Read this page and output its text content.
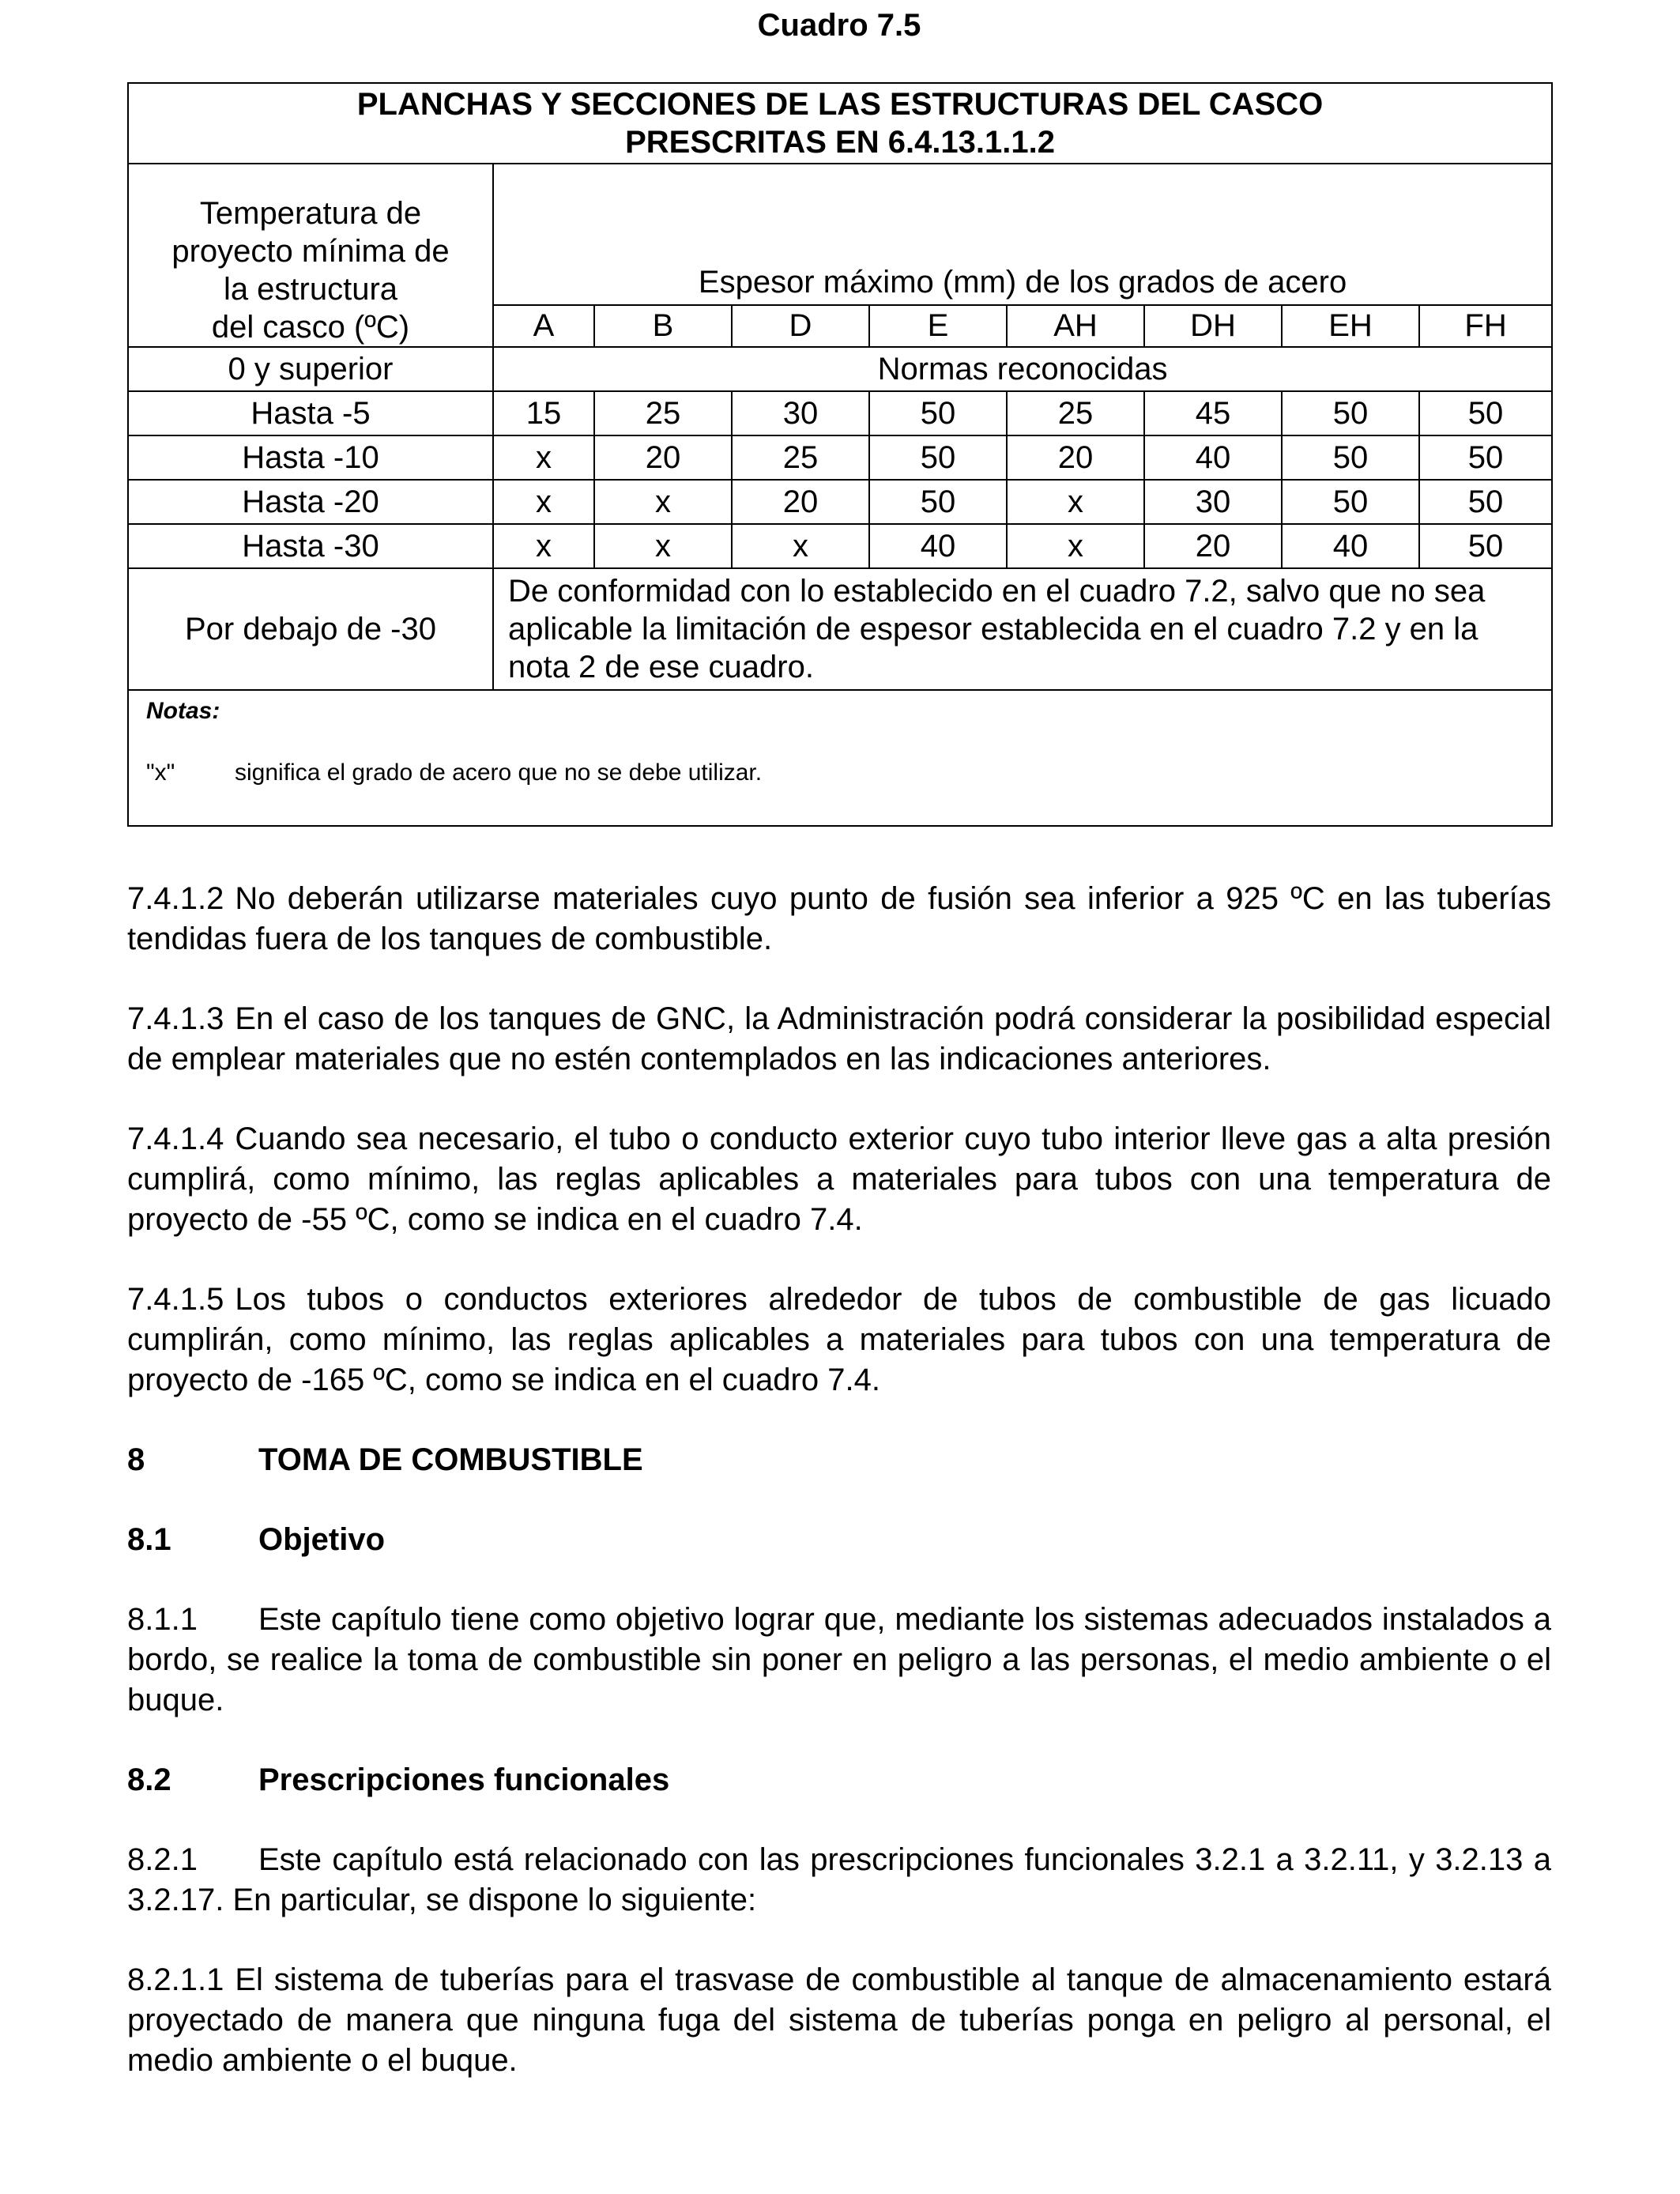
Cuadro 7.5
PLANCHAS Y SECCIONES DE LAS ESTRUCTURAS DEL CASCO
PRESCRITAS EN 6.4.13.1.1.2								

Temperatura de
proyecto mínima de
la estructura
del casco (ºC)	Espesor máximo (mm) de los grados de acero							
	A	B	D	E	AH	DH	EH	FH
0 y superior	Normas reconocidas							
Hasta -5	15	25	30	50	25	45	50	50
Hasta -10	x	20	25	50	20	40	50	50
Hasta -20	x	x	20	50	x	30	50	50
Hasta -30	x	x	x	40	x	20	40	50
Por debajo de -30	De conformidad con lo establecido en el cuadro 7.2, salvo que no sea aplicable la limitación de espesor establecida en el cuadro 7.2 y en la nota 2 de ese cuadro.							

Notas:
"x" significa el grado de acero que no se debe utilizar.								

7.4.1.2 No deberán utilizarse materiales cuyo punto de fusión sea inferior a 925 ºC en las tuberías tendidas fuera de los tanques de combustible.

7.4.1.3 En el caso de los tanques de GNC, la Administración podrá considerar la posibilidad especial de emplear materiales que no estén contemplados en las indicaciones anteriores.

7.4.1.4 Cuando sea necesario, el tubo o conducto exterior cuyo tubo interior lleve gas a alta presión cumplirá, como mínimo, las reglas aplicables a materiales para tubos con una temperatura de proyecto de -55 ºC, como se indica en el cuadro 7.4.

7.4.1.5 Los tubos o conductos exteriores alrededor de tubos de combustible de gas licuado cumplirán, como mínimo, las reglas aplicables a materiales para tubos con una temperatura de proyecto de -165 ºC, como se indica en el cuadro 7.4.

8	TOMA DE COMBUSTIBLE

8.1	Objetivo

8.1.1 Este capítulo tiene como objetivo lograr que, mediante los sistemas adecuados instalados a bordo, se realice la toma de combustible sin poner en peligro a las personas, el medio ambiente o el buque.

8.2	Prescripciones funcionales

8.2.1 Este capítulo está relacionado con las prescripciones funcionales 3.2.1 a 3.2.11, y 3.2.13 a 3.2.17. En particular, se dispone lo siguiente:

8.2.1.1 El sistema de tuberías para el trasvase de combustible al tanque de almacenamiento estará proyectado de manera que ninguna fuga del sistema de tuberías ponga en peligro al personal, el medio ambiente o el buque.
